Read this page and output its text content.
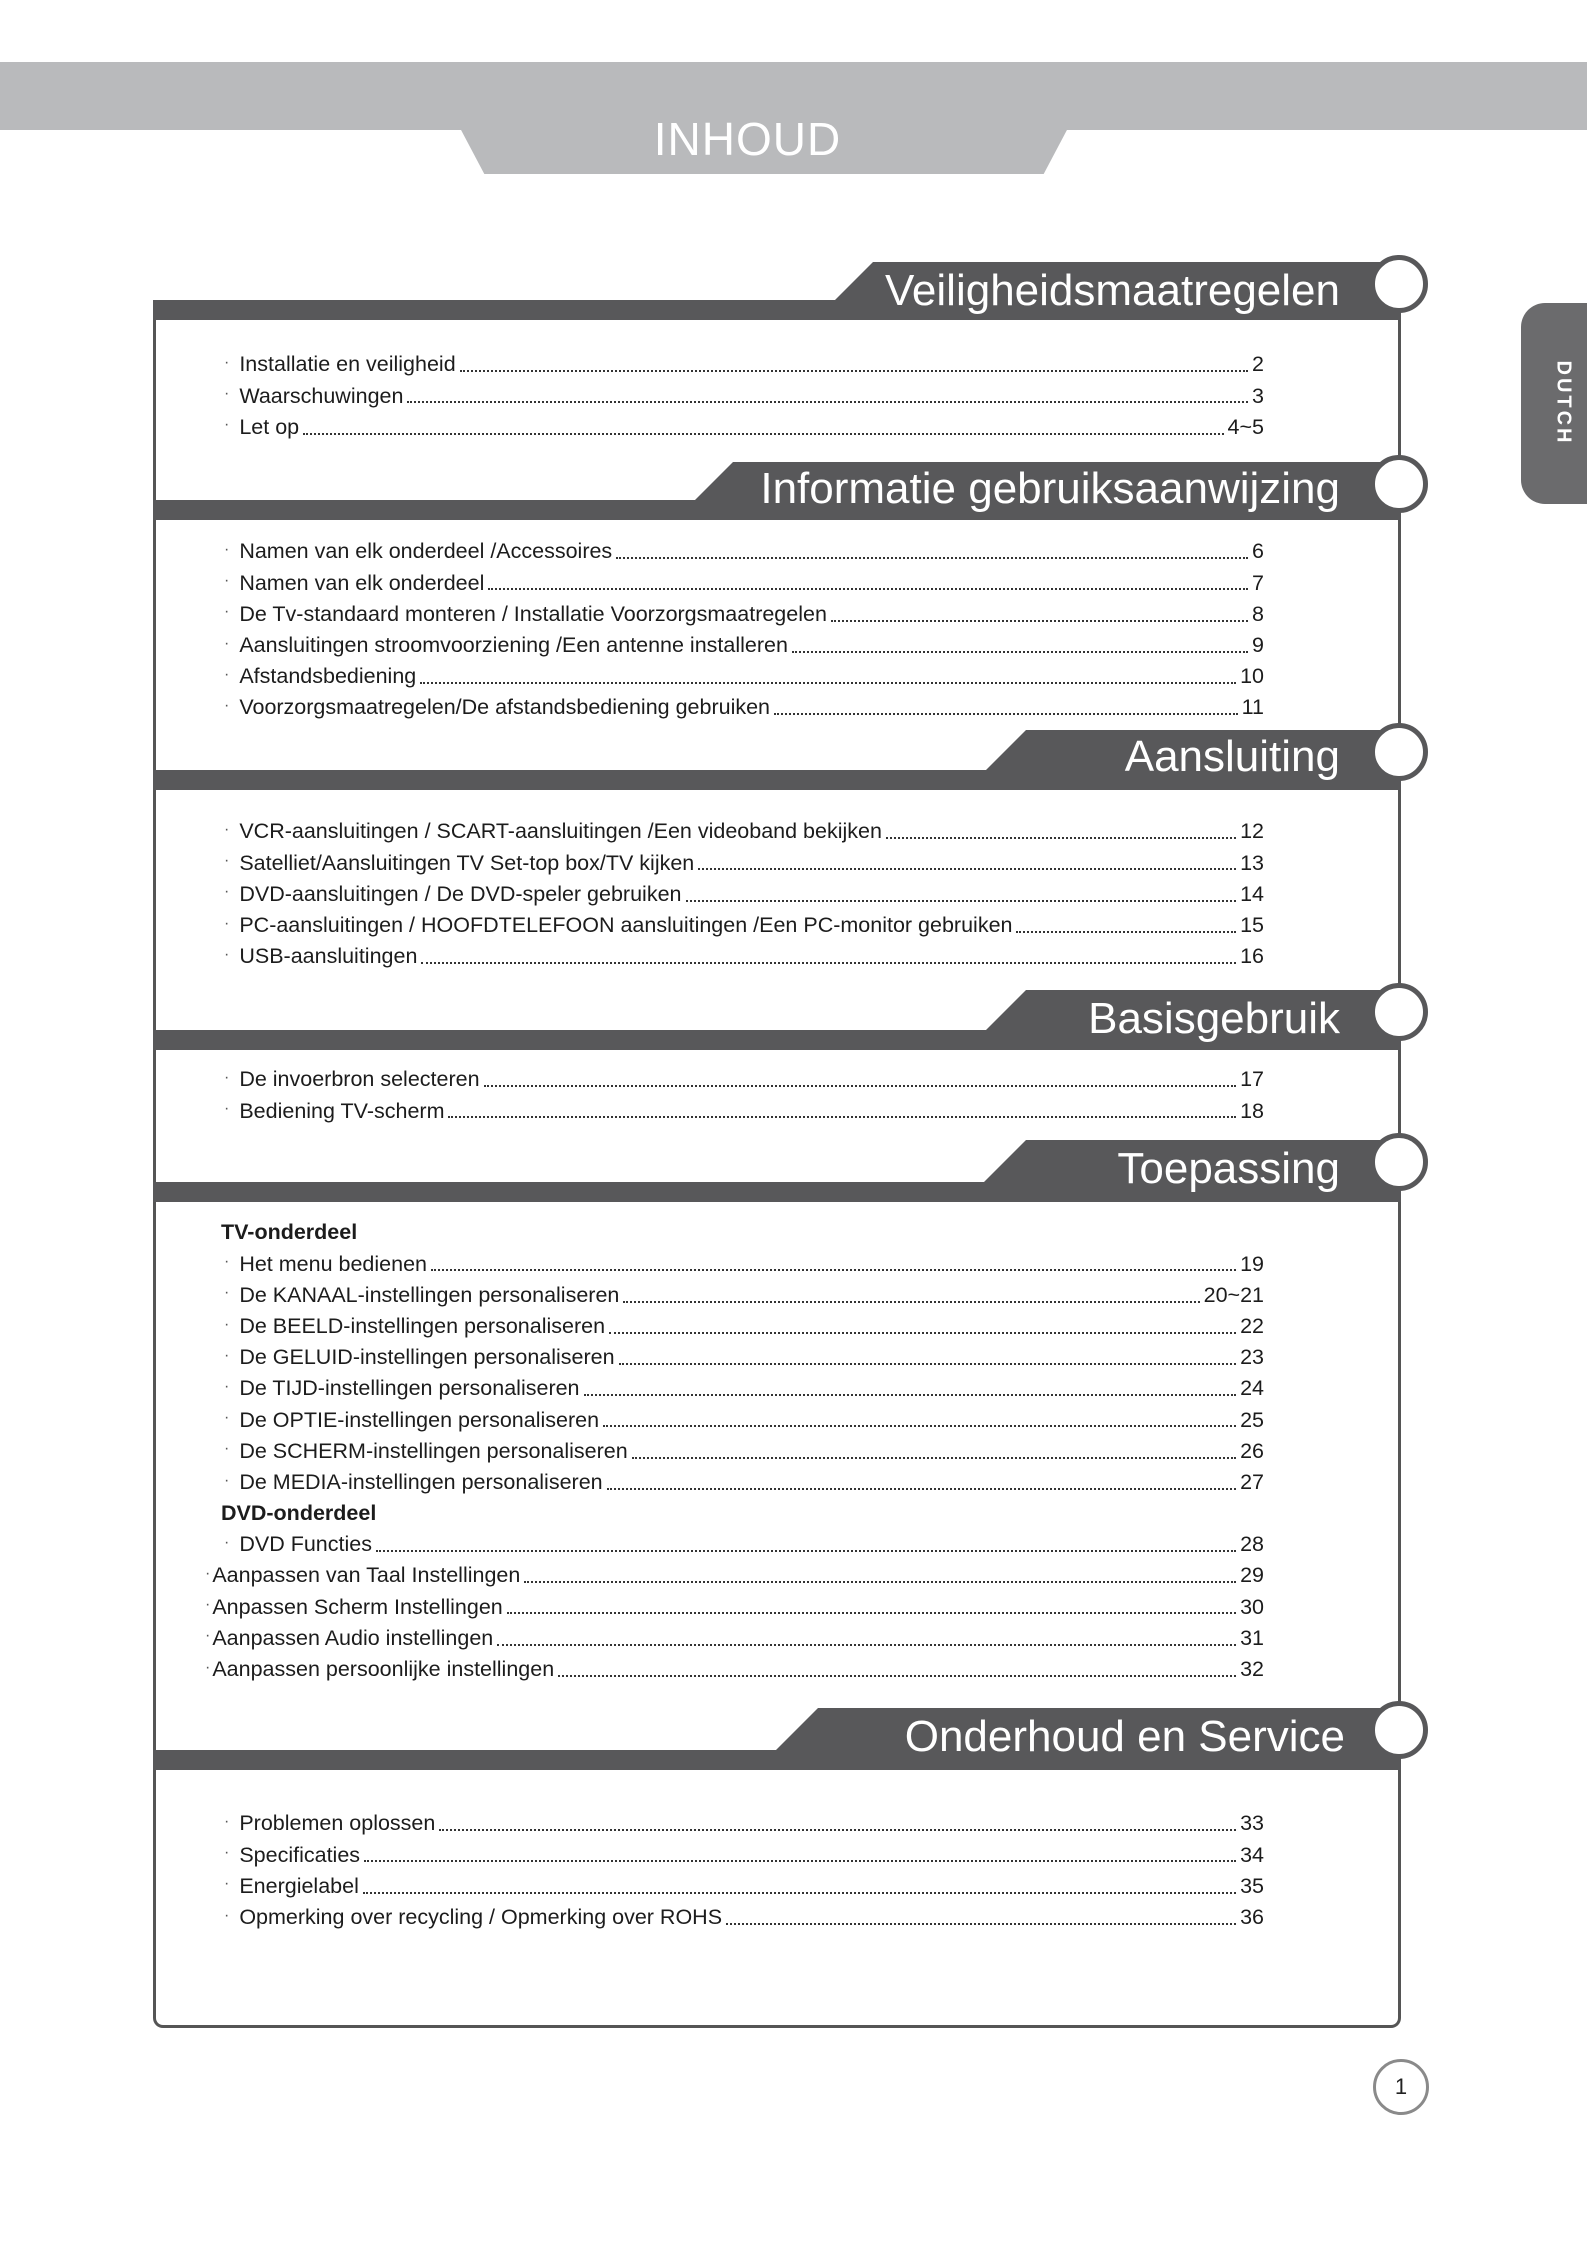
INHOUD
DUTCH
Veiligheidsmaatregelen
· Installatie en veiligheid	2
· Waarschuwingen	3
· Let op	4~5
Informatie gebruiksaanwijzing
· Namen van elk onderdeel /Accessoires	6
· Namen van elk onderdeel	7
· De Tv-standaard monteren / Installatie Voorzorgsmaatregelen	8
· Aansluitingen stroomvoorziening /Een antenne installeren	9
· Afstandsbediening	10
· Voorzorgsmaatregelen/De afstandsbediening gebruiken	11
Aansluiting
· VCR-aansluitingen / SCART-aansluitingen /Een videoband bekijken	12
· Satelliet/Aansluitingen TV Set-top box/TV kijken	13
· DVD-aansluitingen / De DVD-speler gebruiken	14
· PC-aansluitingen / HOOFDTELEFOON aansluitingen /Een PC-monitor gebruiken	15
· USB-aansluitingen	16
Basisgebruik
· De invoerbron selecteren	17
· Bediening TV-scherm	18
Toepassing
TV-onderdeel
· Het menu bedienen	19
· De KANAAL-instellingen personaliseren	20~21
· De BEELD-instellingen personaliseren	22
· De GELUID-instellingen personaliseren	23
· De TIJD-instellingen personaliseren	24
· De OPTIE-instellingen personaliseren	25
· De SCHERM-instellingen personaliseren	26
· De MEDIA-instellingen personaliseren	27
DVD-onderdeel
· DVD Functies	28
· Aanpassen van Taal Instellingen	29
· Anpassen Scherm Instellingen	30
· Aanpassen Audio instellingen	31
· Aanpassen persoonlijke instellingen	32
Onderhoud en Service
· Problemen oplossen	33
· Specificaties	34
· Energielabel	35
· Opmerking over recycling / Opmerking over ROHS	36
1
